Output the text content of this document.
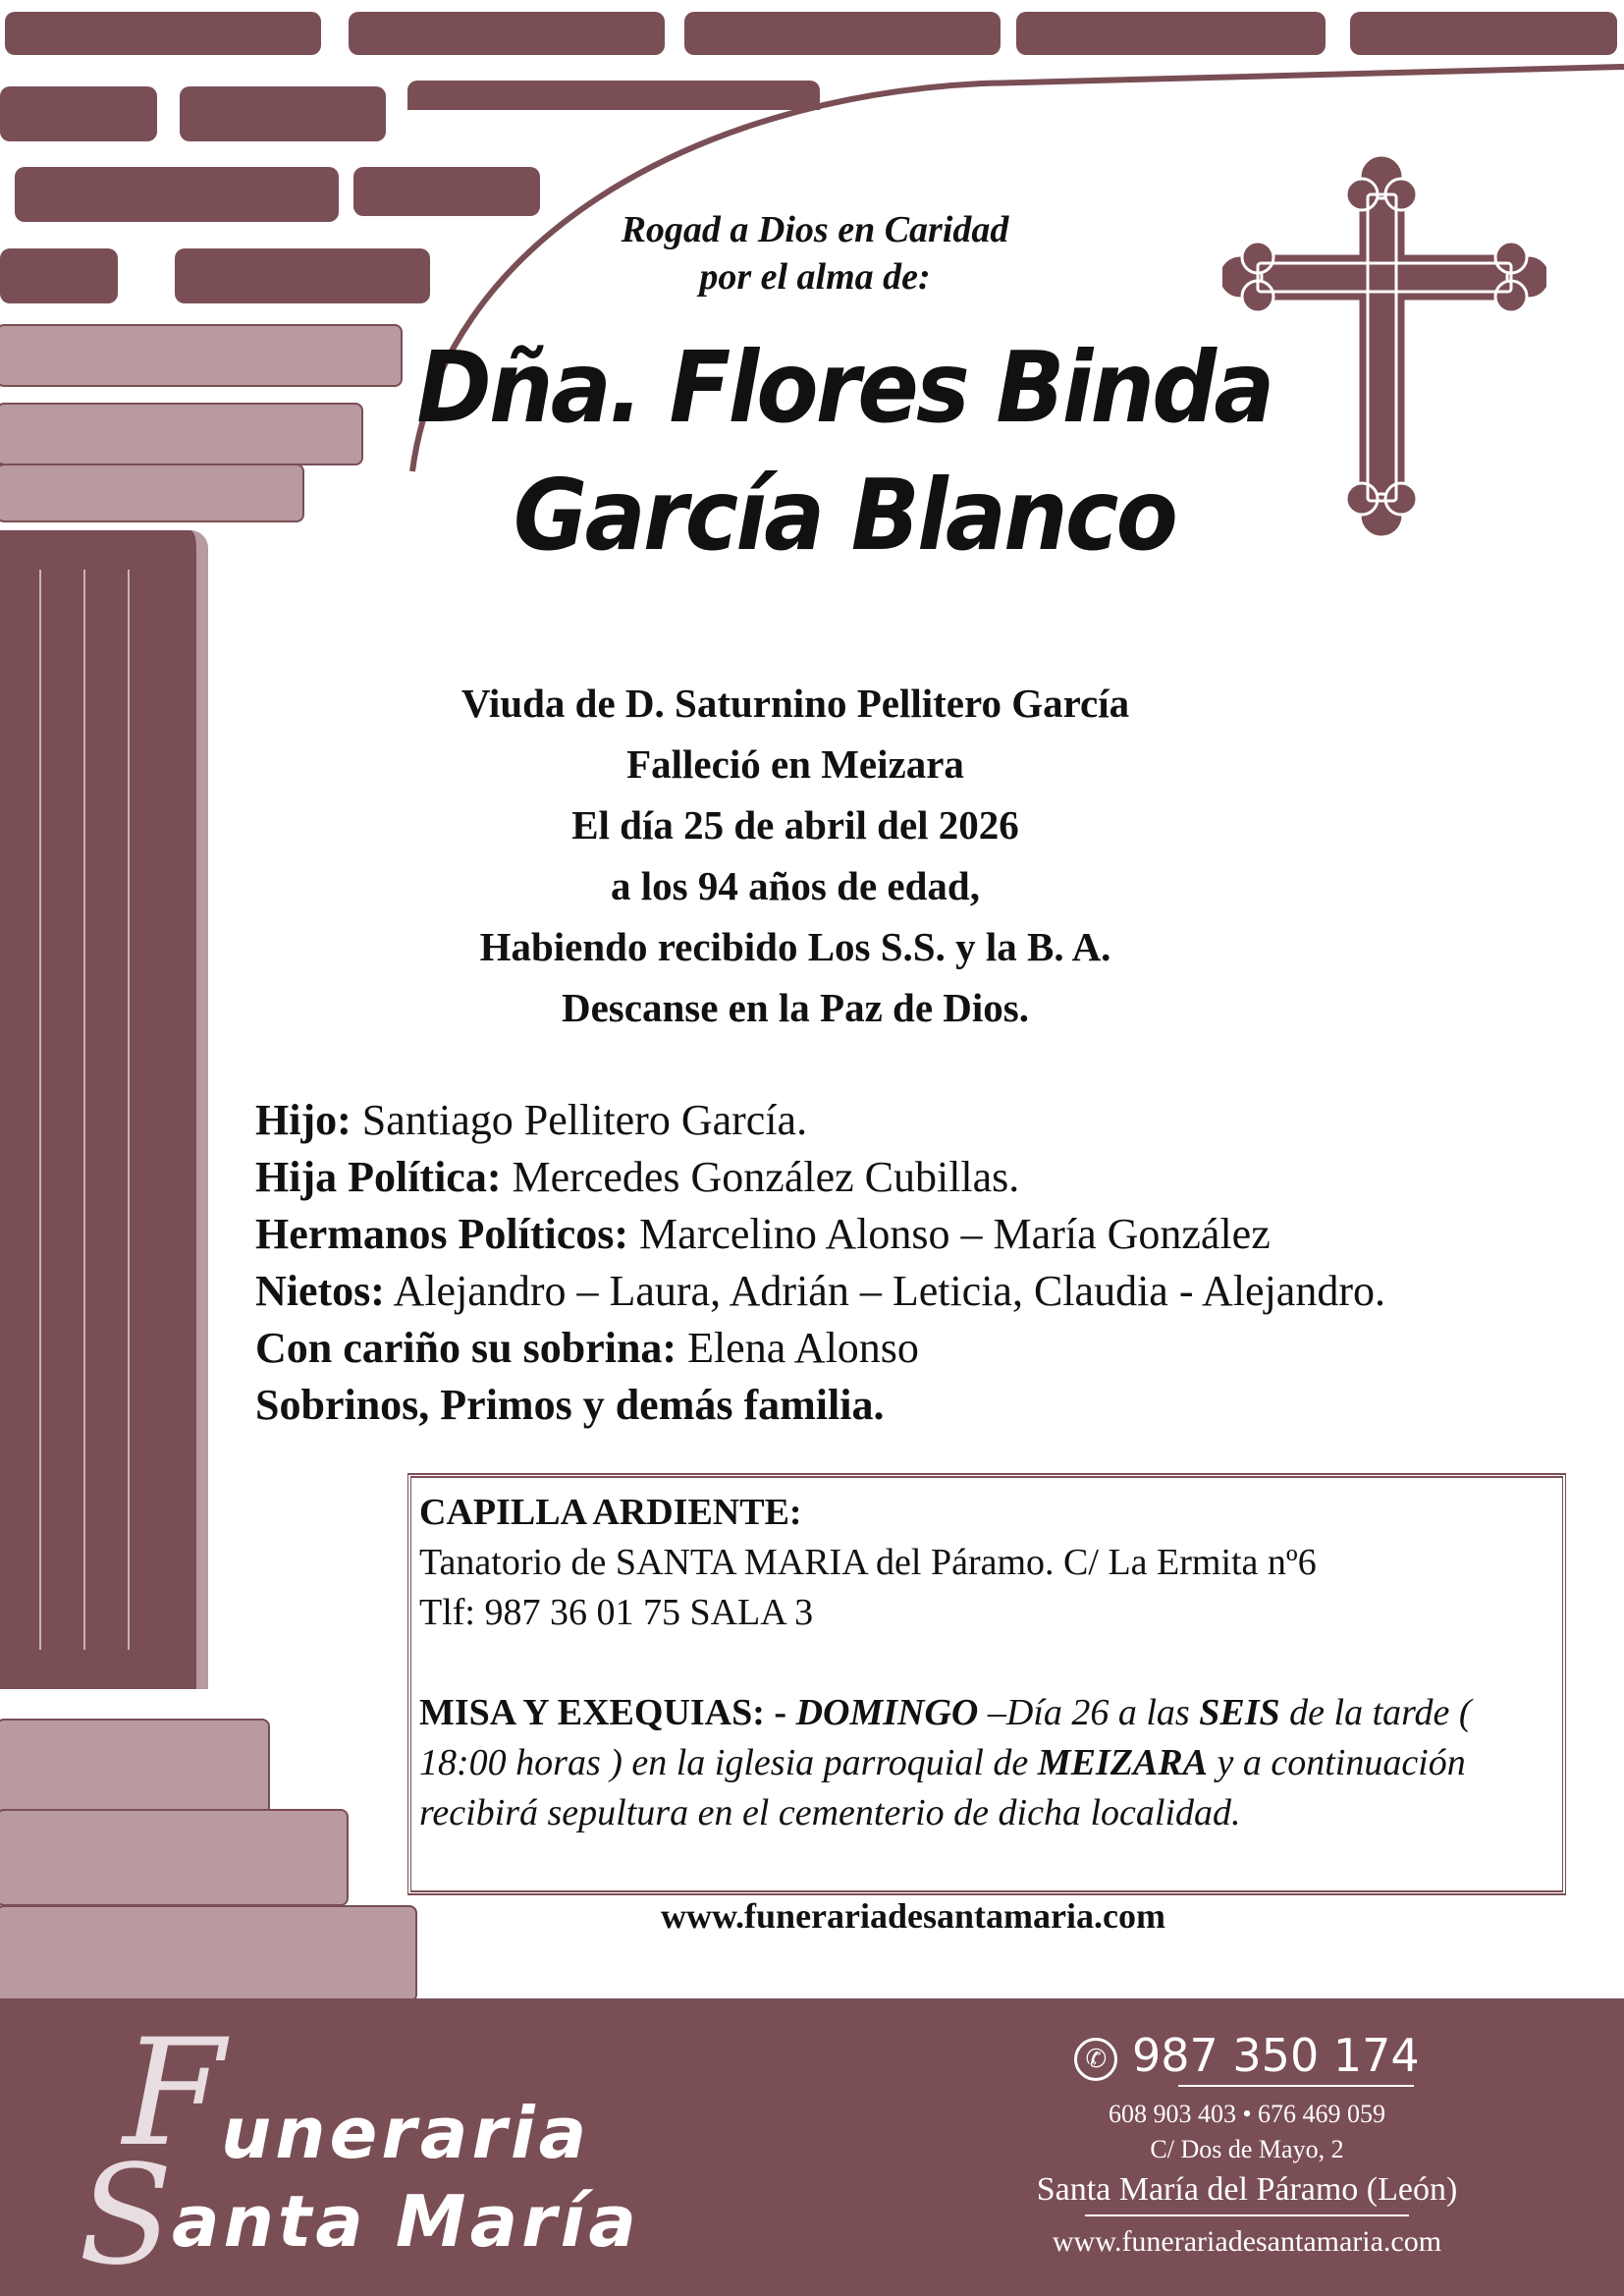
Rogad a Dios en Caridad
por el alma de:
Dña. Flores Binda
García Blanco
Viuda de D. Saturnino Pellitero García
Falleció en Meizara
El día 25 de abril del 2026
a los 94 años de edad,
Habiendo recibido Los S.S. y la B. A.
Descanse en la Paz de Dios.
Hijo: Santiago Pellitero García.
Hija Política: Mercedes González Cubillas.
Hermanos Políticos: Marcelino Alonso – María González
Nietos: Alejandro – Laura, Adrián – Leticia, Claudia - Alejandro.
Con cariño su sobrina: Elena Alonso
Sobrinos, Primos y demás familia.
CAPILLA ARDIENTE:
Tanatorio de SANTA MARIA del Páramo. C/ La Ermita nº6
Tlf: 987 36 01 75 SALA 3
MISA Y EXEQUIAS: - DOMINGO –Día 26 a las SEIS de la tarde ( 18:00 horas ) en la iglesia parroquial de MEIZARA y a continuación recibirá sepultura en el cementerio de dicha localidad.
www.funerariadesantamaria.com
F
S
uneraria
anta María
✆ 987 350 174
608 903 403 • 676 469 059
C/ Dos de Mayo, 2
Santa María del Páramo (León)
www.funerariadesantamaria.com
